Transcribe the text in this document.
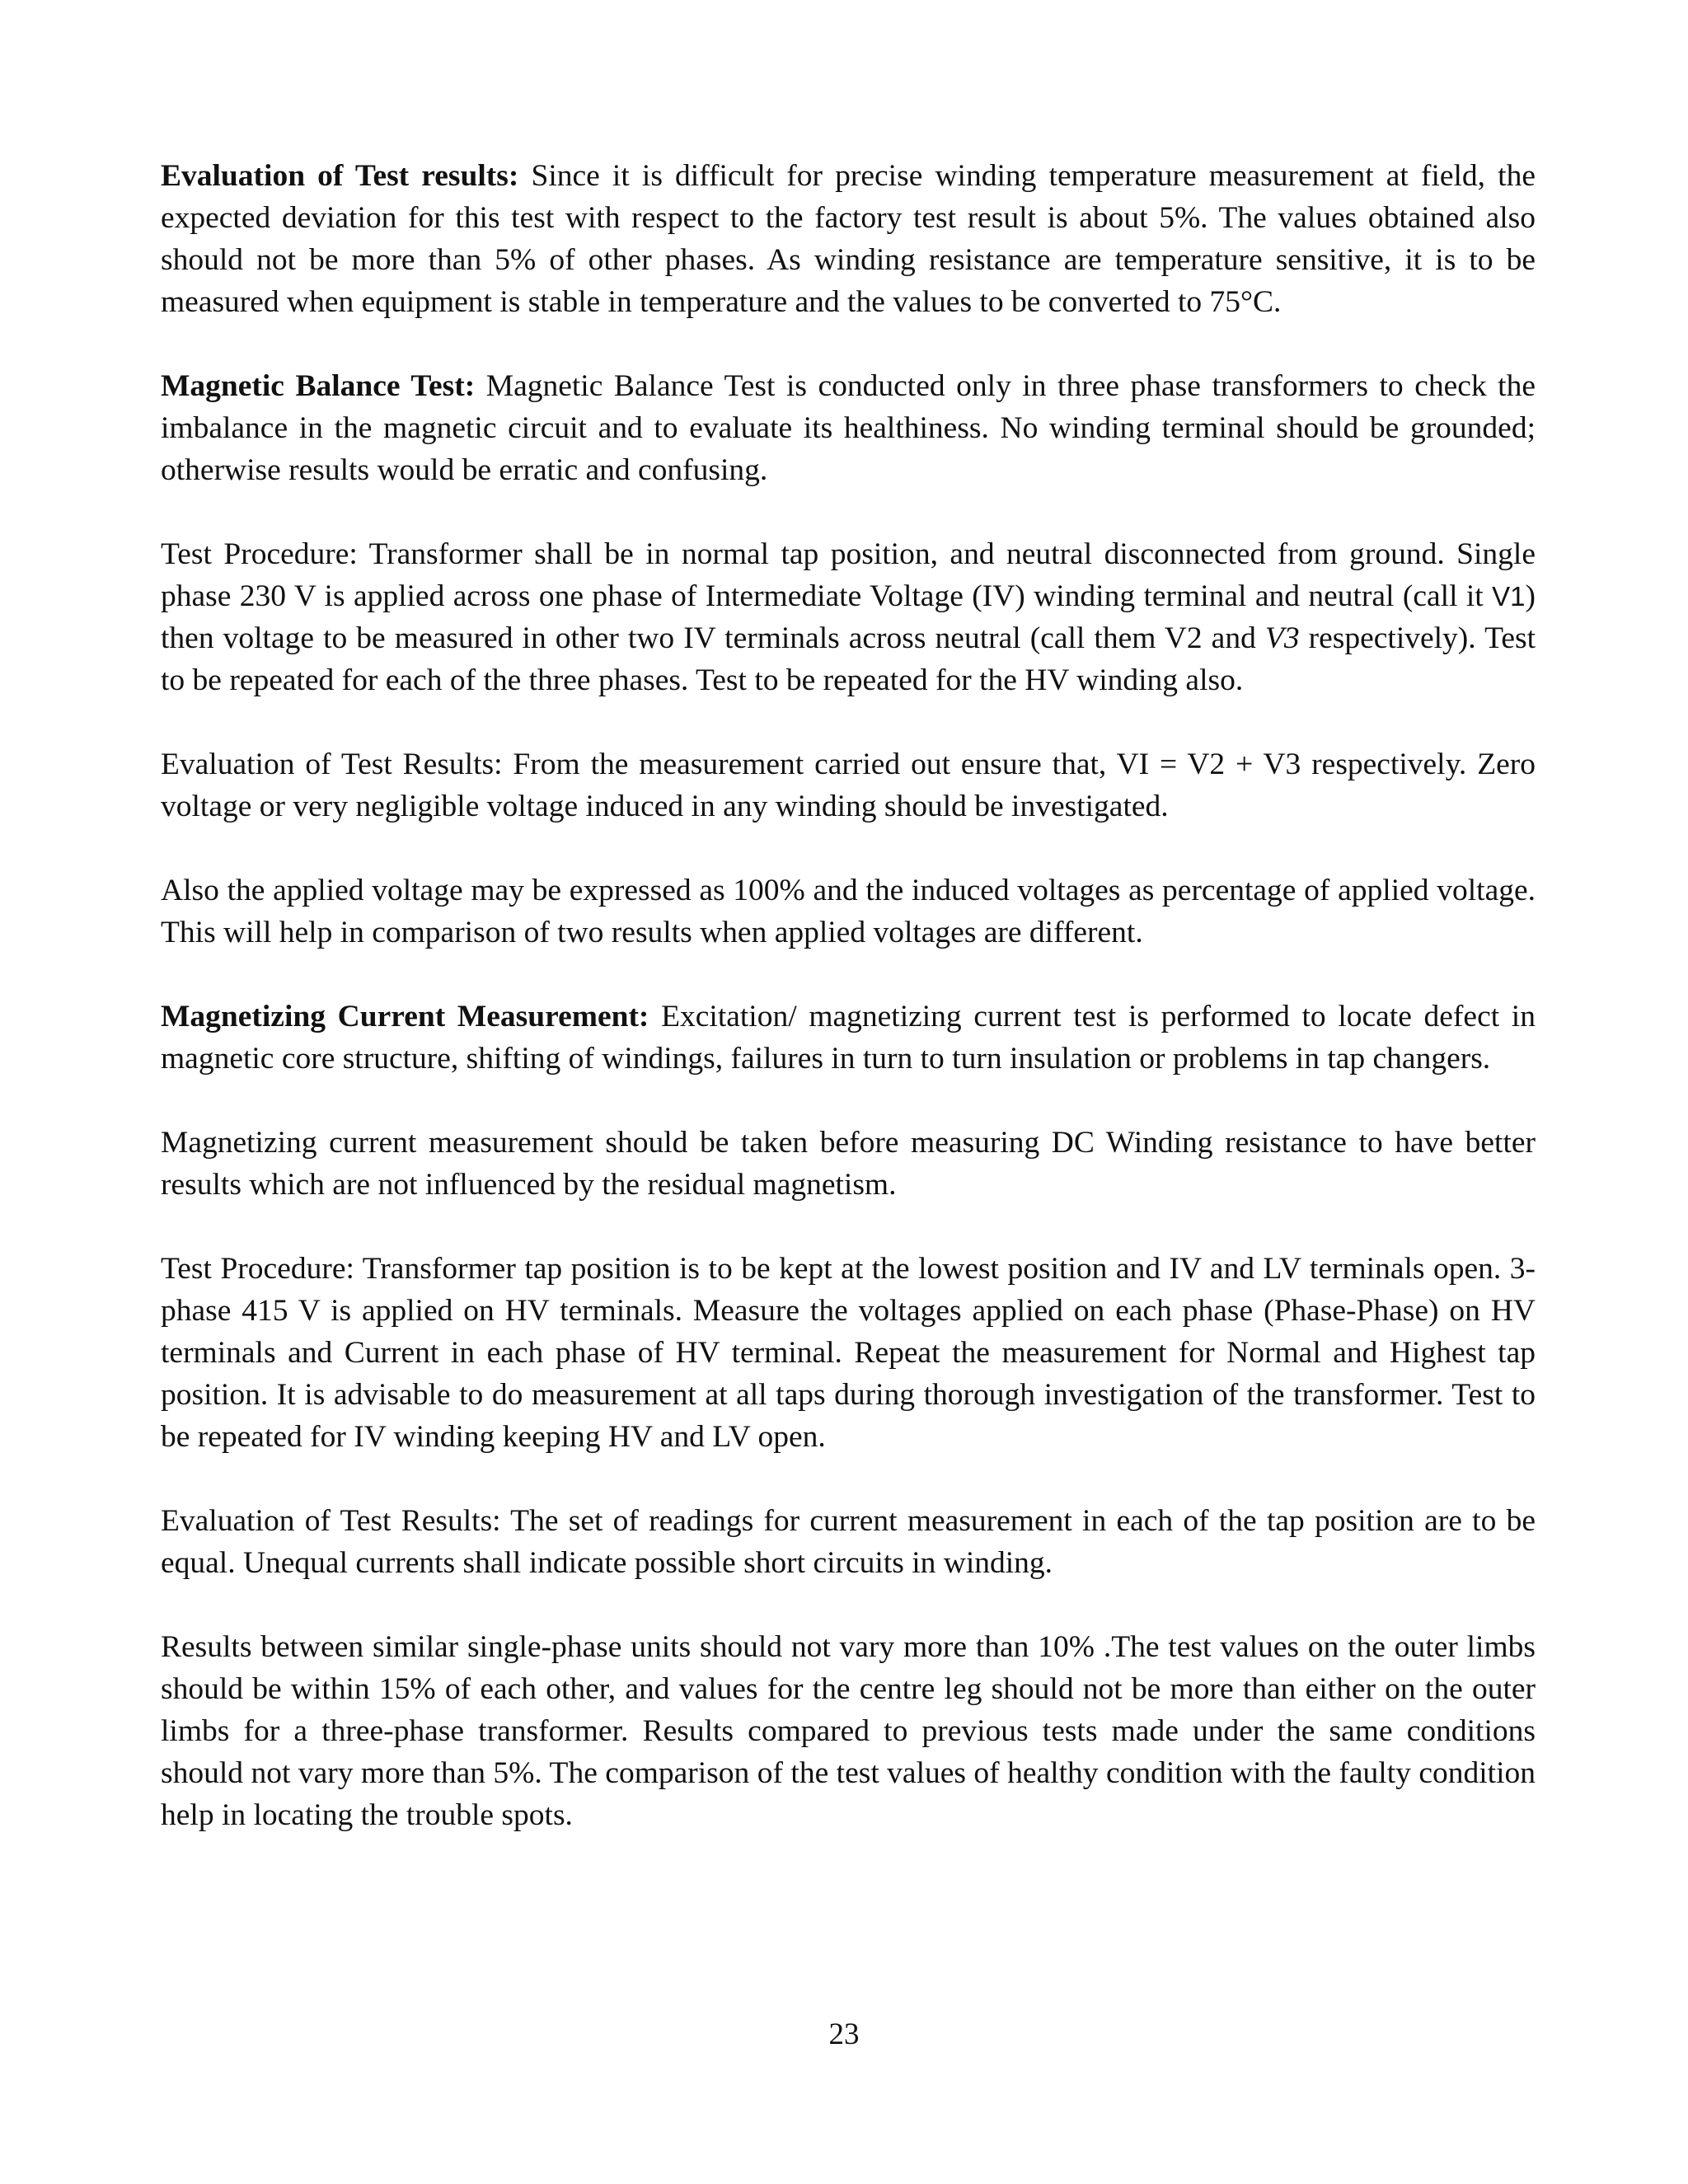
Evaluation of Test results: Since it is difficult for precise winding temperature measurement at field, the expected deviation for this test with respect to the factory test result is about 5%. The values obtained also should not be more than 5% of other phases. As winding resistance are temperature sensitive, it is to be measured when equipment is stable in temperature and the values to be converted to 75°C.

Magnetic Balance Test: Magnetic Balance Test is conducted only in three phase transformers to check the imbalance in the magnetic circuit and to evaluate its healthiness. No winding terminal should be grounded; otherwise results would be erratic and confusing.

Test Procedure: Transformer shall be in normal tap position, and neutral disconnected from ground. Single phase 230 V is applied across one phase of Intermediate Voltage (IV) winding terminal and neutral (call it V1) then voltage to be measured in other two IV terminals across neutral (call them V2 and V3 respectively). Test to be repeated for each of the three phases. Test to be repeated for the HV winding also.

Evaluation of Test Results: From the measurement carried out ensure that, VI = V2 + V3 respectively. Zero voltage or very negligible voltage induced in any winding should be investigated.

Also the applied voltage may be expressed as 100% and the induced voltages as percentage of applied voltage. This will help in comparison of two results when applied voltages are different.

Magnetizing Current Measurement: Excitation/ magnetizing current test is performed to locate defect in magnetic core structure, shifting of windings, failures in turn to turn insulation or problems in tap changers.

Magnetizing current measurement should be taken before measuring DC Winding resistance to have better results which are not influenced by the residual magnetism.

Test Procedure: Transformer tap position is to be kept at the lowest position and IV and LV terminals open. 3-phase 415 V is applied on HV terminals. Measure the voltages applied on each phase (Phase-Phase) on HV terminals and Current in each phase of HV terminal. Repeat the measurement for Normal and Highest tap position. It is advisable to do measurement at all taps during thorough investigation of the transformer. Test to be repeated for IV winding keeping HV and LV open.

Evaluation of Test Results: The set of readings for current measurement in each of the tap position are to be equal. Unequal currents shall indicate possible short circuits in winding.

Results between similar single-phase units should not vary more than 10% .The test values on the outer limbs should be within 15% of each other, and values for the centre leg should not be more than either on the outer limbs for a three-phase transformer. Results compared to previous tests made under the same conditions should not vary more than 5%. The comparison of the test values of healthy condition with the faulty condition help in locating the trouble spots.

23
